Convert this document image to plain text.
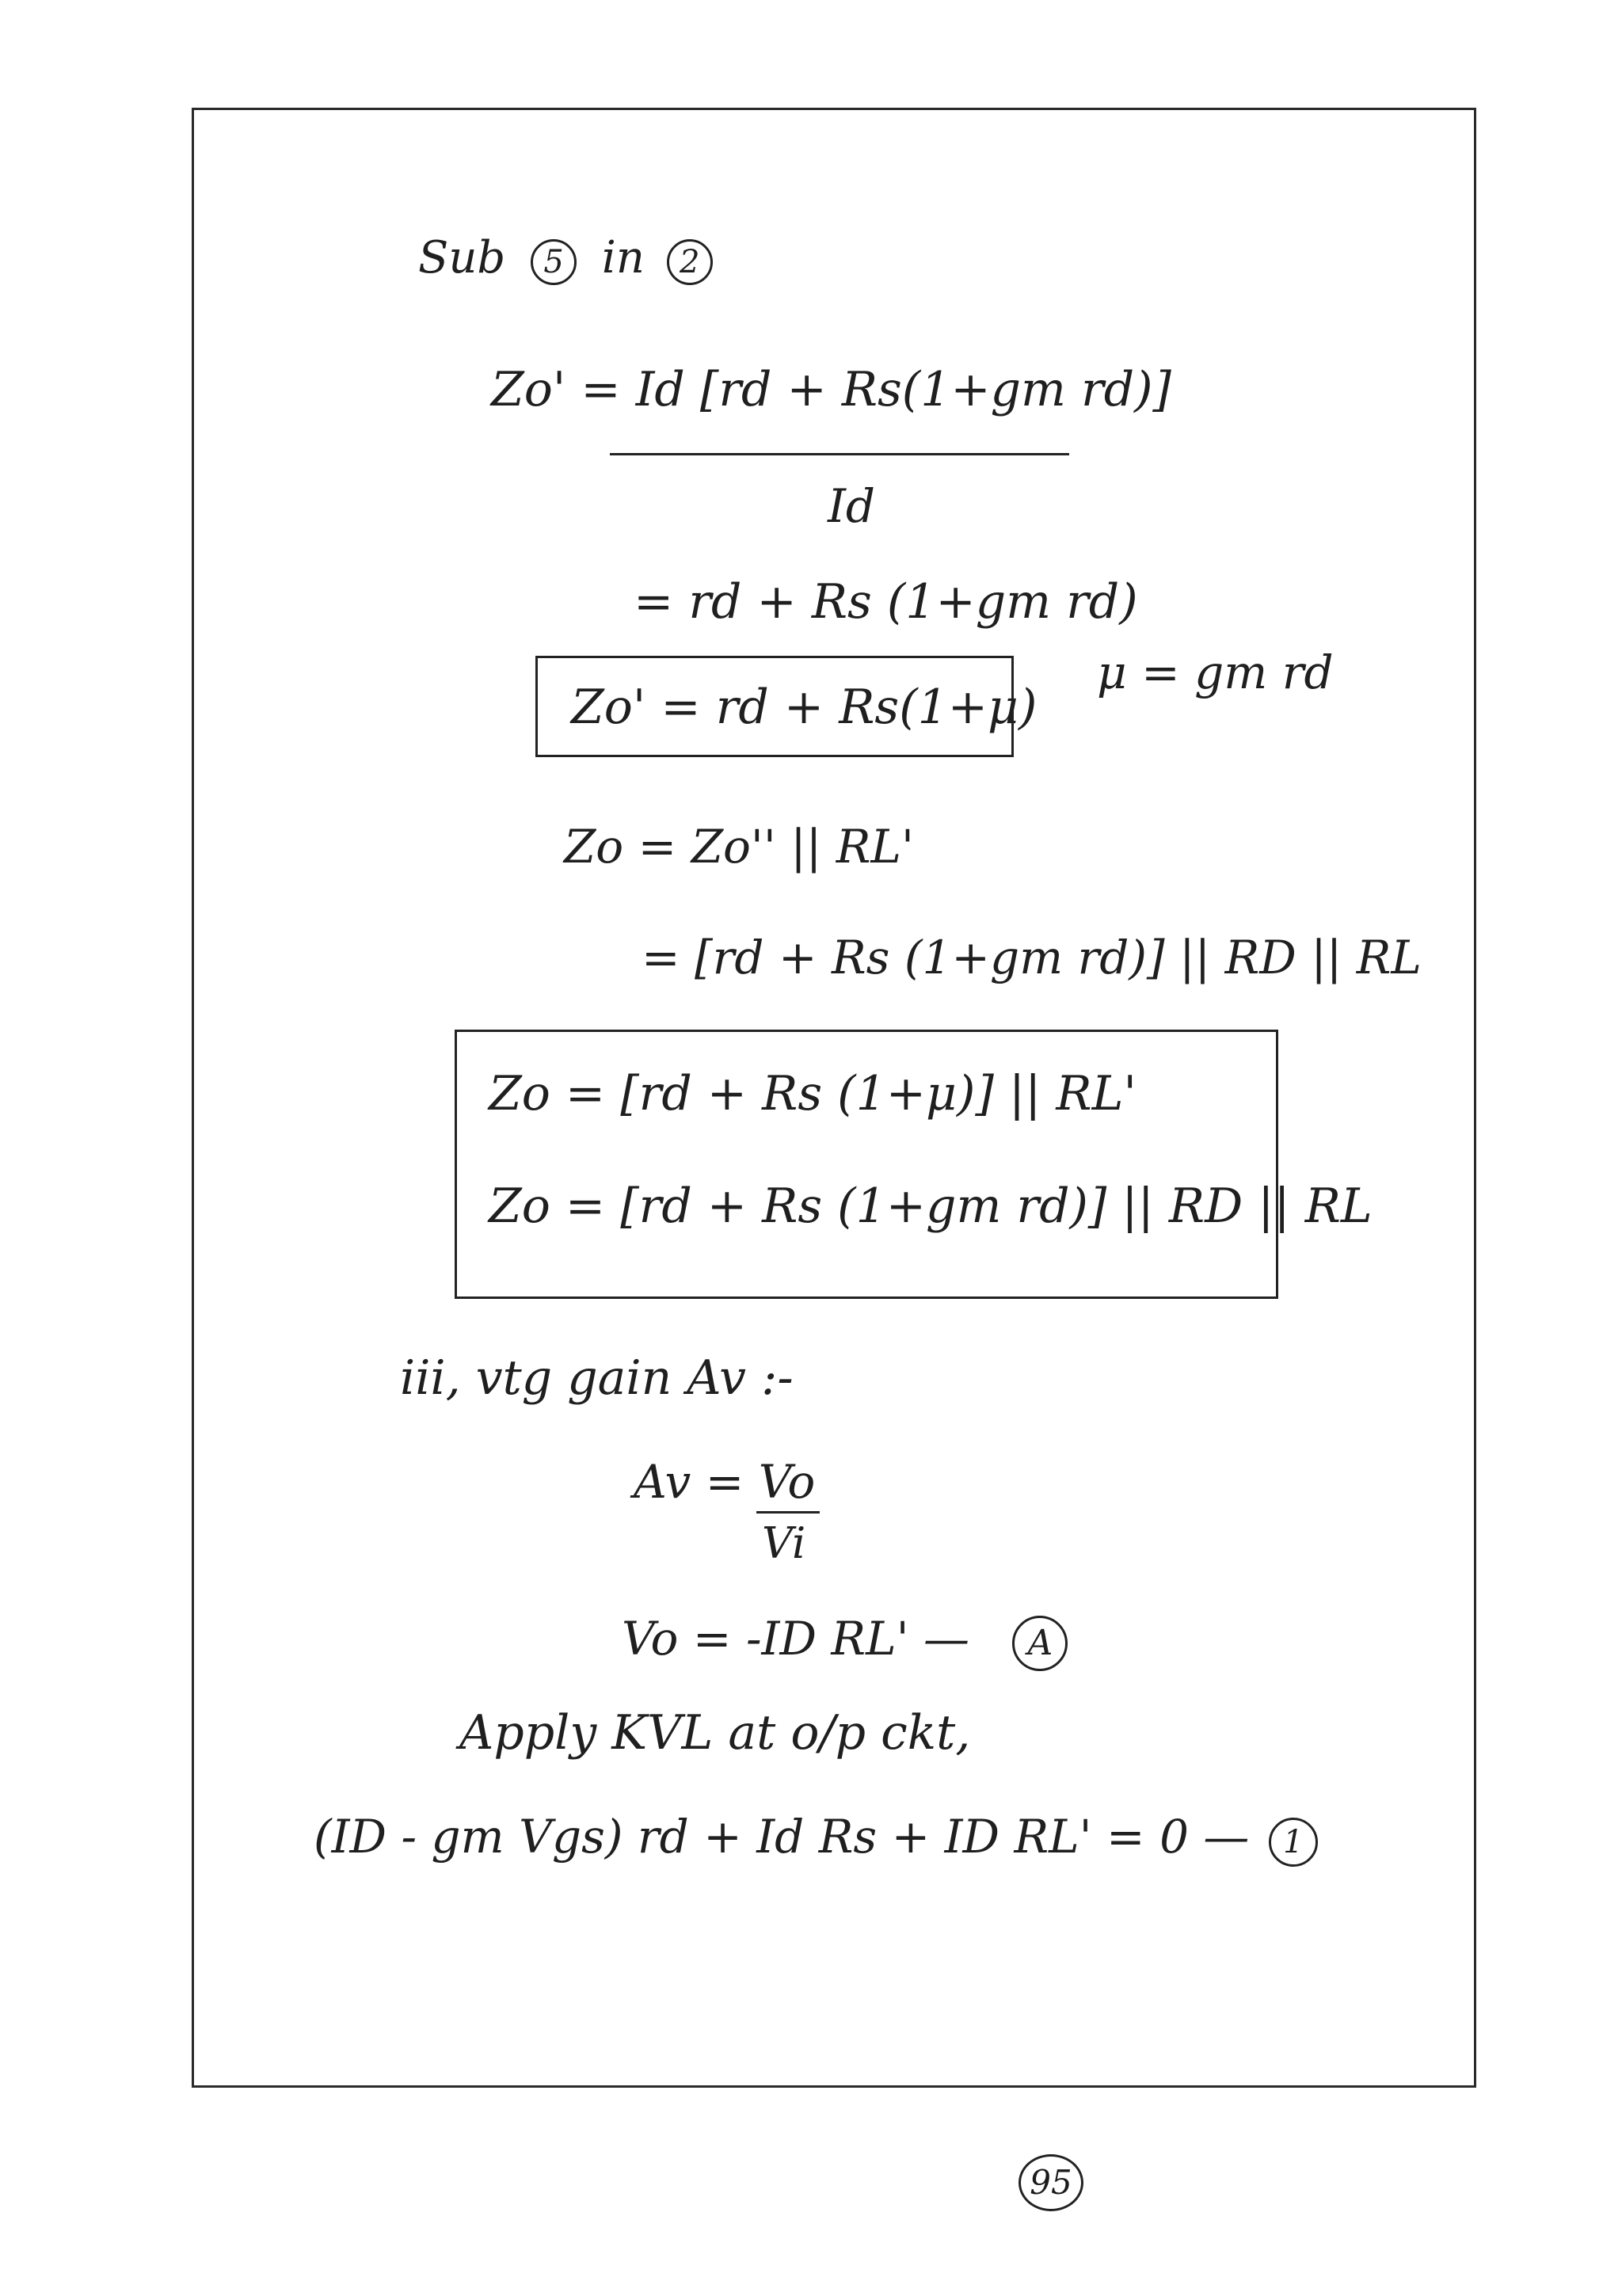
Sub 5 in 2
Zo' = Id [rd + Rs(1+gm rd)]
Id
= rd + Rs (1+gm rd)
Zo' = rd + Rs(1+μ)
μ = gm rd
Zo = Zo'' || RL'
= [rd + Rs (1+gm rd)] || RD || RL
Zo = [rd + Rs (1+μ)] || RL'
Zo = [rd + Rs (1+gm rd)] || RD || RL
iii, vtg gain Av :-
Av = Vo
Vi
Vo = -ID RL' — A
Apply KVL at o/p ckt,
(ID - gm Vgs) rd + Id Rs + ID RL' = 0 — 1
95
